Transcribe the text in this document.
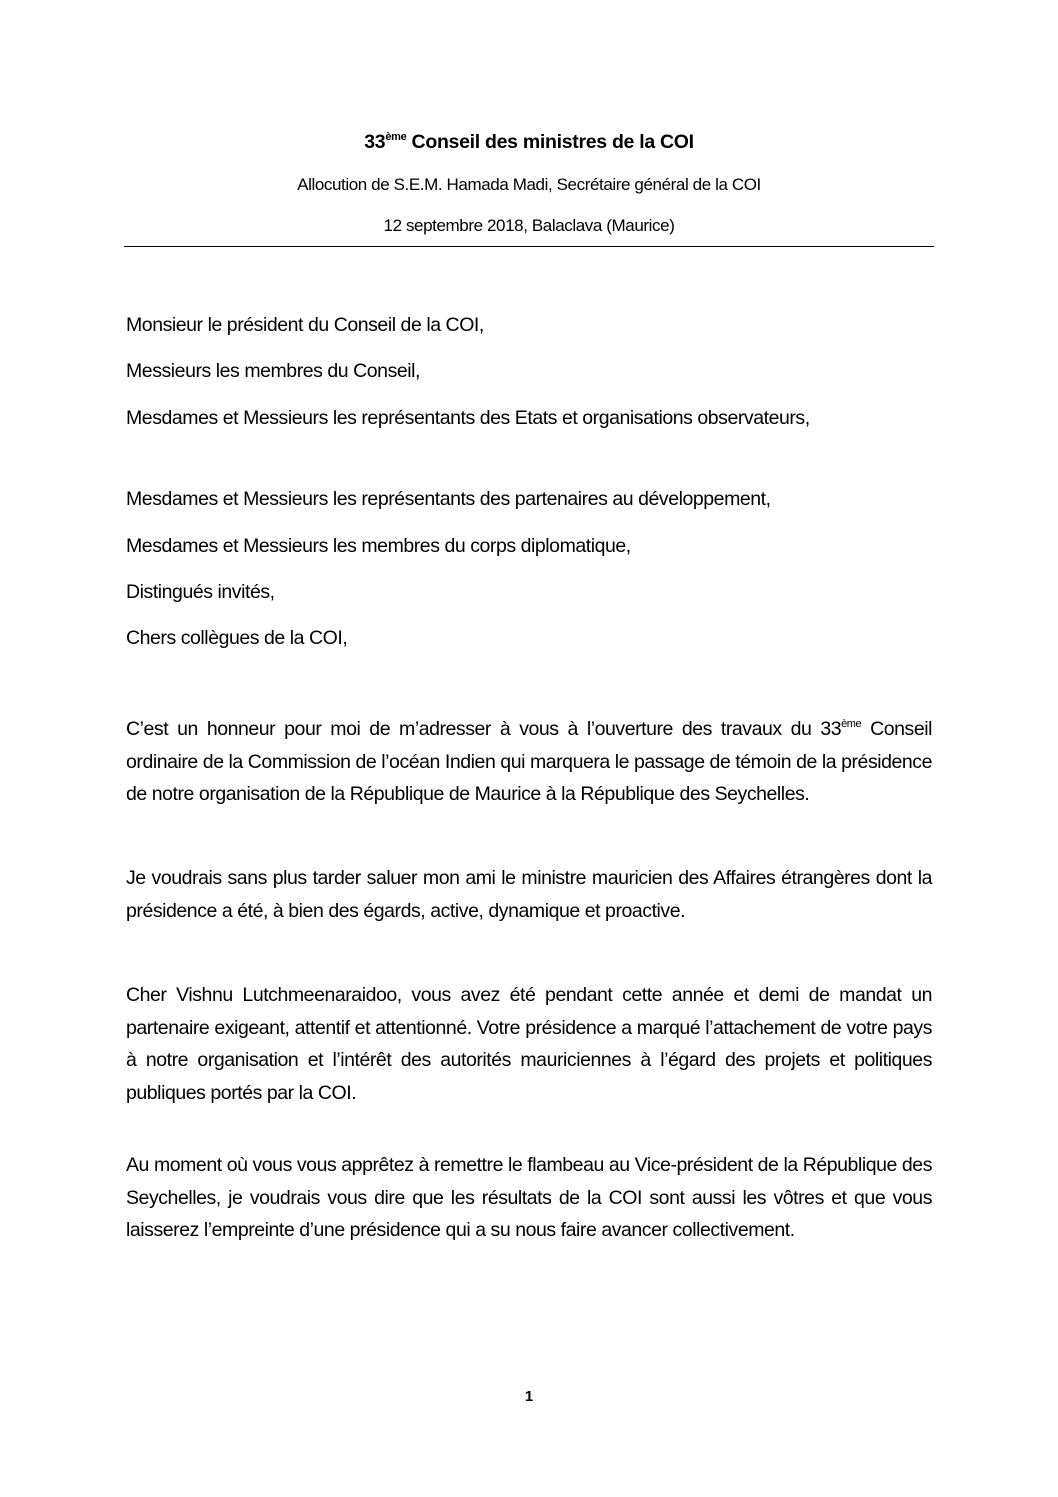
33ème Conseil des ministres de la COI
Allocution de S.E.M. Hamada Madi, Secrétaire général de la COI
12 septembre 2018, Balaclava (Maurice)
Monsieur le président du Conseil de la COI,
Messieurs les membres du Conseil,
Mesdames et Messieurs les représentants des Etats et organisations observateurs,
Mesdames et Messieurs les représentants des partenaires au développement,
Mesdames et Messieurs les membres du corps diplomatique,
Distingués invités,
Chers collègues de la COI,
C’est un honneur pour moi de m’adresser à vous à l’ouverture des travaux du 33ème Conseil ordinaire de la Commission de l’océan Indien qui marquera le passage de témoin de la présidence de notre organisation de la République de Maurice à la République des Seychelles.
Je voudrais sans plus tarder saluer mon ami le ministre mauricien des Affaires étrangères dont la présidence a été, à bien des égards, active, dynamique et proactive.
Cher Vishnu Lutchmeenaraidoo, vous avez été pendant cette année et demi de mandat un partenaire exigeant, attentif et attentionné. Votre présidence a marqué l’attachement de votre pays à notre organisation et l’intérêt des autorités mauriciennes à l’égard des projets et politiques publiques portés par la COI.
Au moment où vous vous apprêtez à remettre le flambeau au Vice-président de la République des Seychelles, je voudrais vous dire que les résultats de la COI sont aussi les vôtres et que vous laisserez l’empreinte d’une présidence qui a su nous faire avancer collectivement.
1
